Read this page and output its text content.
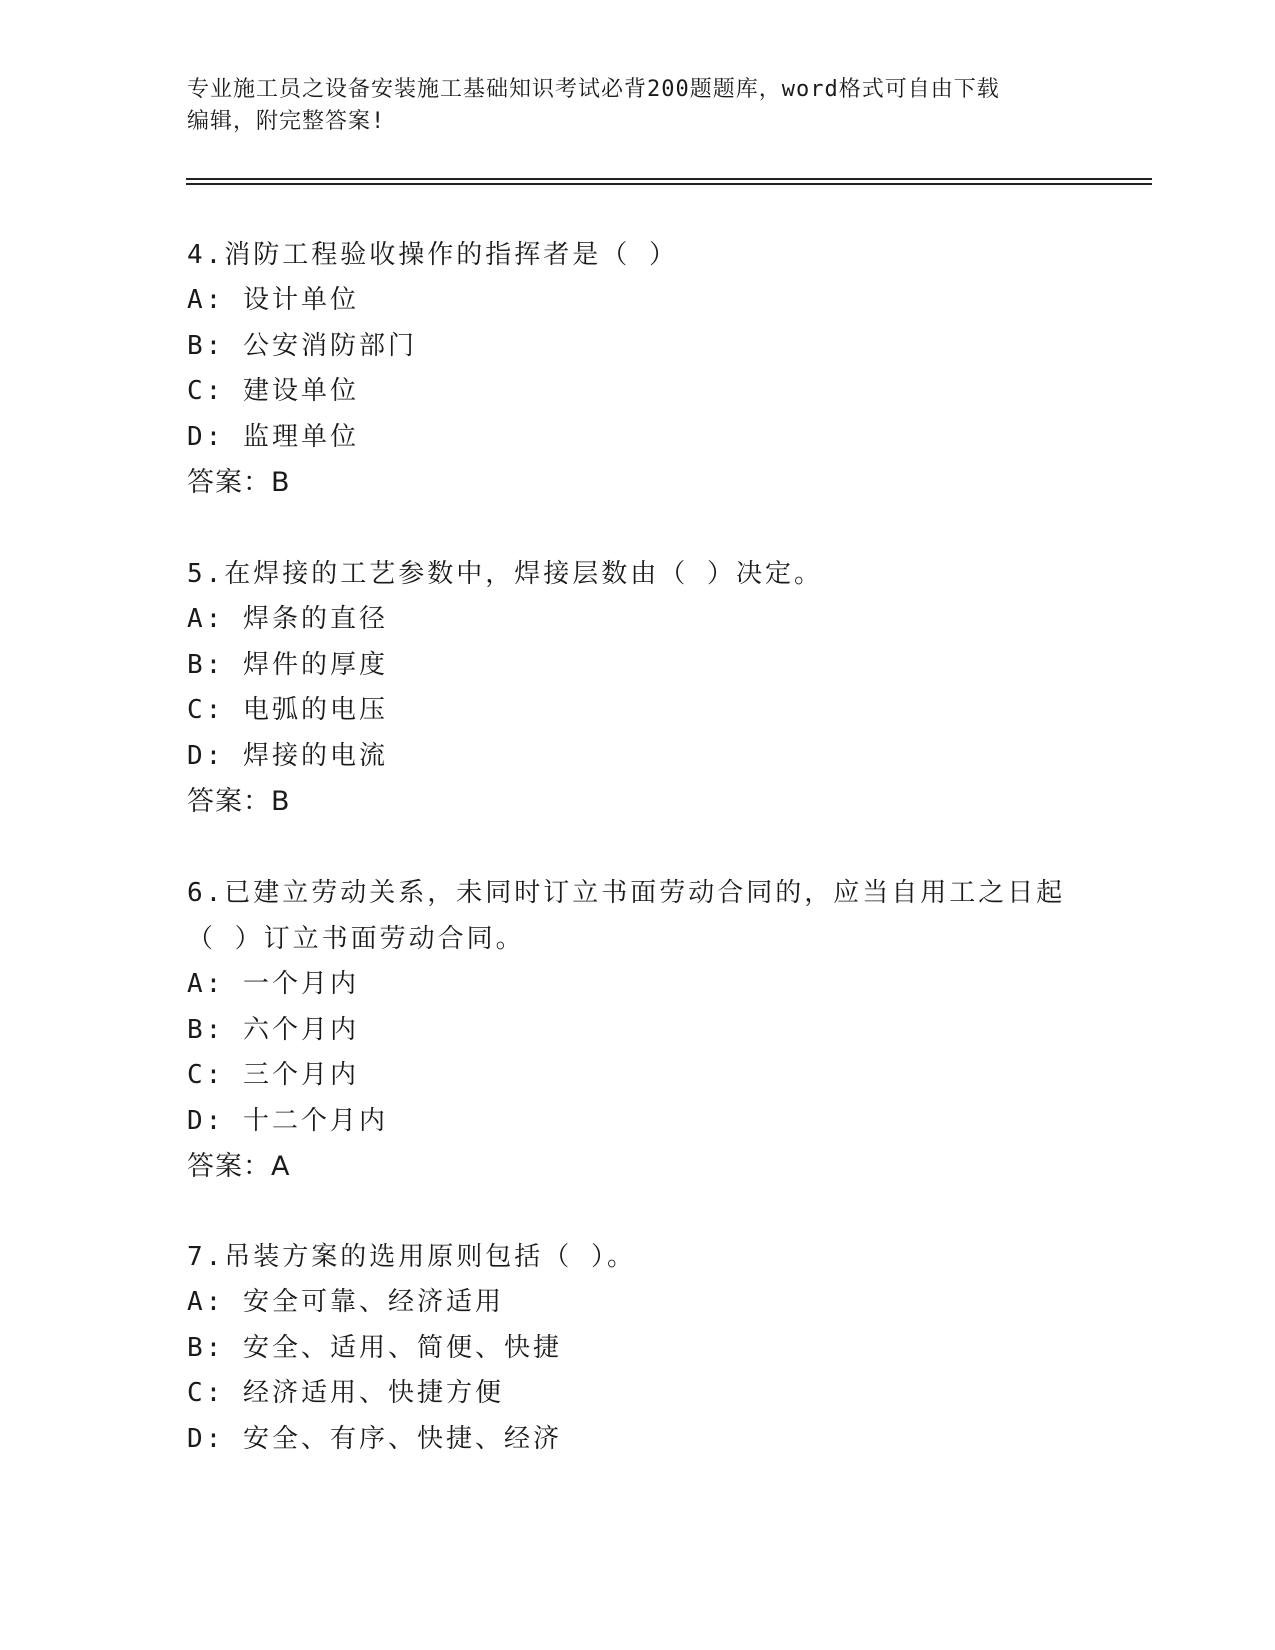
专业施工员之设备安装施工基础知识考试必背200题题库，word格式可自由下载
编辑，附完整答案!

4.消防工程验收操作的指挥者是（ ）

A: 设计单位

B: 公安消防部门

C: 建设单位

D: 监理单位

答案：B

5.在焊接的工艺参数中，焊接层数由（ ）决定。

A: 焊条的直径

B: 焊件的厚度

C: 电弧的电压

D: 焊接的电流

答案：B

6.已建立劳动关系，未同时订立书面劳动合同的，应当自用工之日起

（ ）订立书面劳动合同。

A: 一个月内

B: 六个月内

C: 三个月内

D: 十二个月内

答案：A

7.吊装方案的选用原则包括（ ）。

A: 安全可靠、经济适用

B: 安全、适用、简便、快捷

C: 经济适用、快捷方便

D: 安全、有序、快捷、经济
